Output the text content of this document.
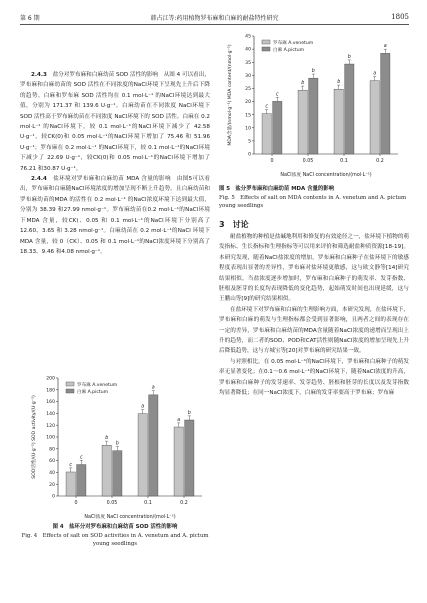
第 6 期	韩占江等:药用植物罗布麻和白麻的耐盐特性研究	1805

2.4.3　 盐分对罗布麻和白麻幼苗 SOD 活性的影响　 从图 4 可以看出，罗布麻和白麻幼苗的 SOD 活性在不同浓度的NaCl环境下呈现先上升后下降的趋势。白麻和罗布麻 SOD 活性均在 0.1 mol·L⁻¹ 的NaCl环境达到最大值，分别为 171.37 和 139.6 U·g⁻¹。白麻幼苗在不同浓度 NaCl环境下 SOD 活性高于罗布麻幼苗在不同浓度 NaCl环境下的 SOD 活性。白麻在 0.2 mol·L⁻¹ 的NaCl环境下，较 0.1 mol·L⁻¹的NaCl环境下减少了 42.58 U·g⁻¹，较CK(0)和 0.05 mol·L⁻¹的NaCl环境下增加了 75.46 和 51.96 U·g⁻¹；罗布麻在 0.2 mol·L⁻¹ 的NaCl环境下，较 0.1 mol·L⁻¹的NaCl环境下减少了 22.69 U·g⁻¹，较CK(0)和 0.05 mol·L⁻¹的NaCl环境下增加了 76.21 和30.87 U·g⁻¹。

2.4.4　 盐环境对罗布麻和白麻幼苗 MDA 含量的影响　 由图5可以看出，罗布麻和白麻随NaCl环境浓度的增加呈现不断上升趋势。且白麻幼苗和罗布麻幼苗的MDA 的活性在 0.2 mol·L⁻¹ 的NaCl浓度环境下达到最大值，分别为 38.39 和27.99 nmol·g⁻¹。罗布麻幼苗在0.2 mol·L⁻¹的NaCl环境下MDA 含量，较CK)、0.05 和 0.1 mol·L⁻¹的NaCl环境下分别高了 12.60、3.65 和 3.28 nmol·g⁻¹。白麻幼苗在 0.2 mol·L⁻¹的NaCl 环境下 MDA 含量，较 0（CK）、0.05 和 0.1 mol·L⁻¹的NaCl浓度环境下分别高了18.33、9.46 和4.08 nmol·g⁻¹。

0
20
40
60
80
100
120
140
160
180
200
SOD活性/(U·g⁻¹) SOD activity/(U·g⁻¹)
0
c
c
0.05
b
b
0.1
a
a
0.2
a
b
NaCl浓度 NaCl concentration/(mol·L⁻¹)
罗布麻 A.venetum
白麻 A.pictum
图 4　盐环分对罗布麻和白麻幼苗 SOD 活性的影响
Fig. 4　Effects of salt on SOD activities in A. venetum and A. pictum young seedlings
0
5
10
15
20
25
30
35
40
45
MDA含量/(nmol·g⁻¹) MDA content/(nmol·g⁻¹)
0
c
c
0.05
b
b
0.1
b
b
0.2
a
a
NaCl浓度 NaCl concentration/(mol·L⁻¹)
罗布麻 A.venetum
白麻 A.pictum
图 5　盐分罗布麻和白麻幼苗 MDA 含量的影响
Fig. 5　Effects of salt on MDA contents in A. venetum and A. pictum young seedlings
3　讨论

耐盐植物的种植是盐碱地利用和修复的有效途径之一，盐环境下植物的萌发指标、生长指标和生理指标等可以用来评价和筛选耐盐种质资源[18-19]。本研究发现，随着NaCl盐浓度的增加，罗布麻和白麻种子在盐环境下的敏感程度表现出显著的差异性，罗布麻对盐环境更敏感，这与欧文静等[14]研究结果相似。当盐浓度逐步增加时，罗布麻和白麻种子的萌发率、发芽指数、胚根及胚芽的长度均表现降低的变化趋势，起始萌发时间也出现延缓，这与王鹏山等[9]的研究结果相似。

在盐环境下对罗布麻和白麻的生理影响方面，本研究发现，在盐环境下，罗布麻和白麻的萌发与生理指标都会受到显著影响，且两者之间的表现存在一定的差异，罗布麻和白麻幼苗的MDA含量随着NaCl浓度的递增而呈现出上升的趋势，而二者的SOD、POD和CAT活性则随NaCl浓度的增加呈现先上升后降低趋势，这与方城宝等[20]对罗布麻的研究结果一致。

与对照相比，在 0.05 mol·L⁻¹的NaCl环境下，罗布麻和白麻种子的萌发率无显著变化；在0.1～0.6 mol·L⁻¹的NaCl环境下，随着NaCl浓度的升高，罗布麻和白麻种子的发芽速率、发芽趋势、胚根和胚芽的长度以及发芽指数均显著降低；在同一NaCl浓度下，白麻的发芽率要高于罗布麻；罗布麻
